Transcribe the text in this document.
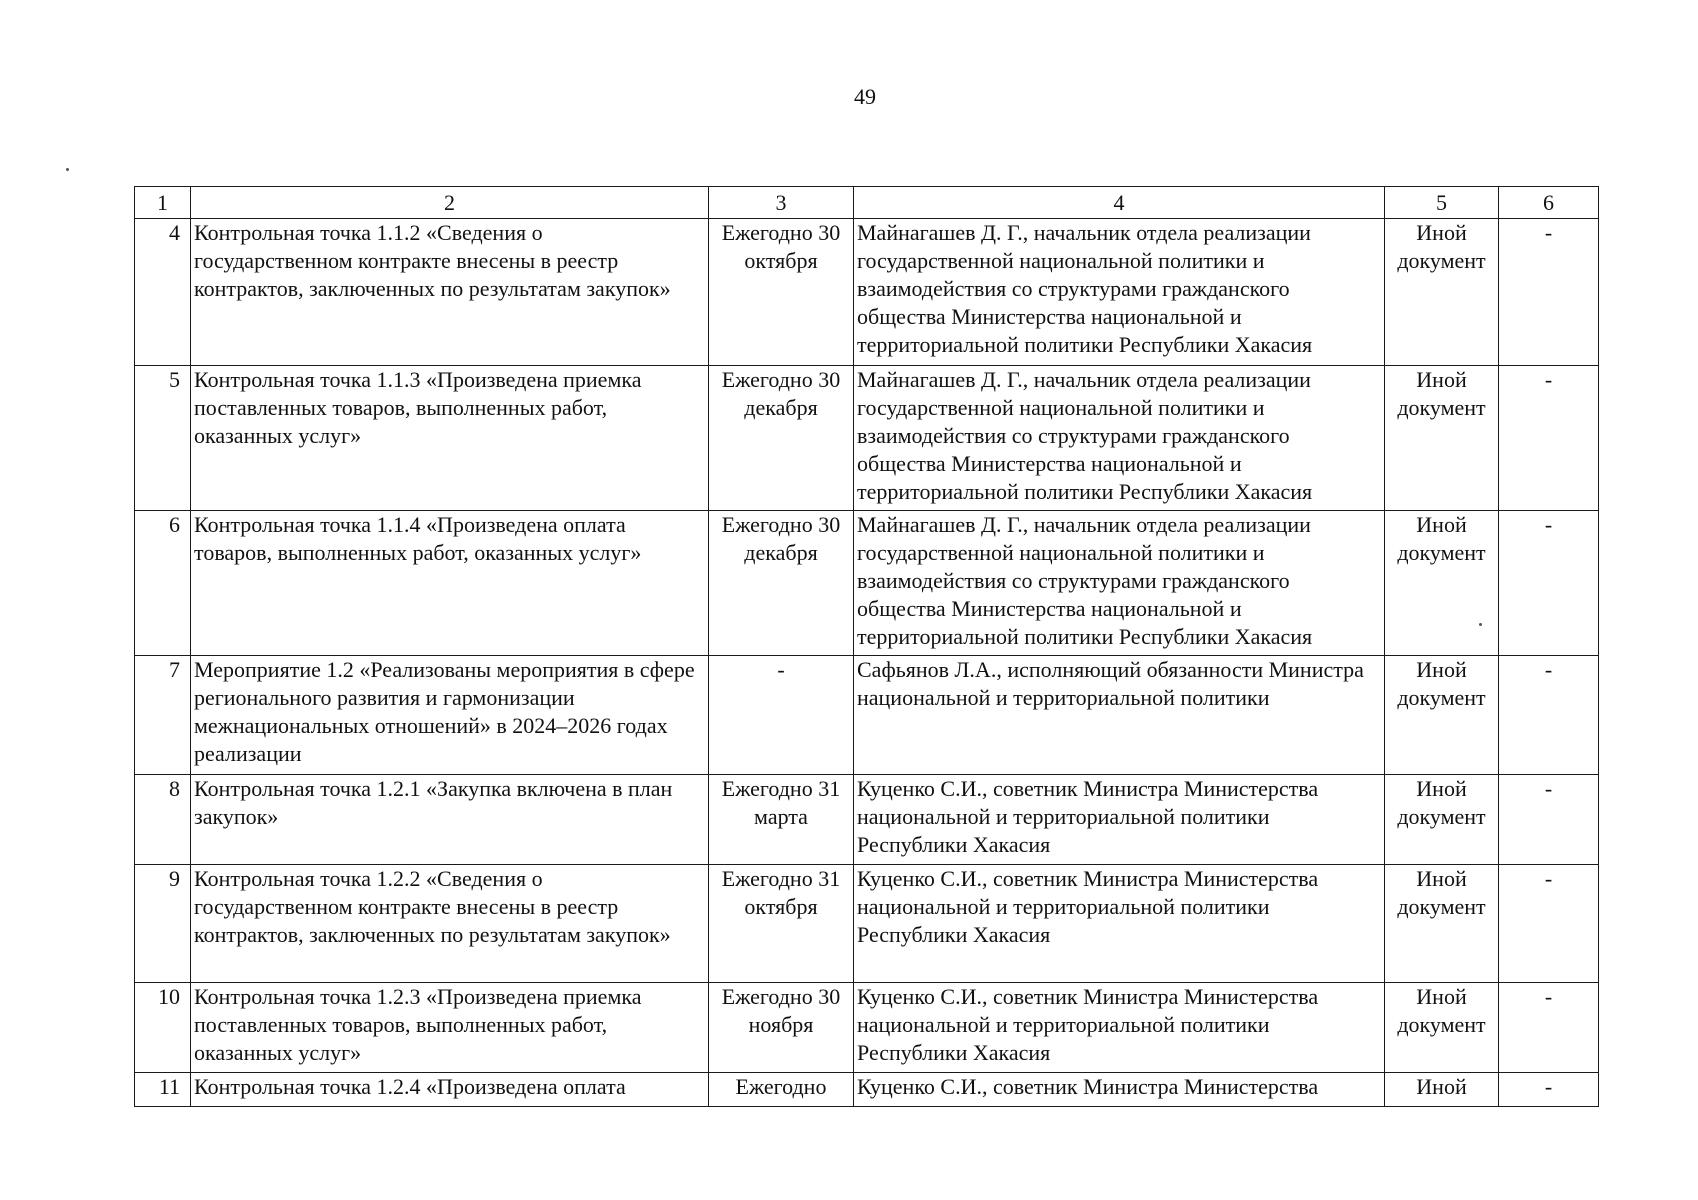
49
1	2	3	4	5	6
4	Контрольная точка 1.1.2 «Сведения о государственном контракте внесены в реестр контрактов, заключенных по результатам закупок»	Ежегодно 30 октября	Майнагашев Д. Г., начальник отдела реализации государственной национальной политики и взаимодействия со структурами гражданского общества Министерства национальной и территориальной политики Республики Хакасия	Иной документ	-
5	Контрольная точка 1.1.3 «Произведена приемка поставленных товаров, выполненных работ, оказанных услуг»	Ежегодно 30 декабря	Майнагашев Д. Г., начальник отдела реализации государственной национальной политики и взаимодействия со структурами гражданского общества Министерства национальной и территориальной политики Республики Хакасия	Иной документ	-
6	Контрольная точка 1.1.4 «Произведена оплата товаров, выполненных работ, оказанных услуг»	Ежегодно 30 декабря	Майнагашев Д. Г., начальник отдела реализации государственной национальной политики и взаимодействия со структурами гражданского общества Министерства национальной и территориальной политики Республики Хакасия	Иной документ	-
7	Мероприятие 1.2 «Реализованы мероприятия в сфере регионального развития и гармонизации межнациональных отношений» в 2024–2026 годах реализации	-	Сафьянов Л.А., исполняющий обязанности Министра национальной и территориальной политики	Иной документ	-
8	Контрольная точка 1.2.1 «Закупка включена в план закупок»	Ежегодно 31 марта	Куценко С.И., советник Министра Министерства национальной и территориальной политики Республики Хакасия	Иной документ	-
9	Контрольная точка 1.2.2 «Сведения о государственном контракте внесены в реестр контрактов, заключенных по результатам закупок»	Ежегодно 31 октября	Куценко С.И., советник Министра Министерства национальной и территориальной политики Республики Хакасия	Иной документ	-
10	Контрольная точка 1.2.3 «Произведена приемка поставленных товаров, выполненных работ, оказанных услуг»	Ежегодно 30 ноября	Куценко С.И., советник Министра Министерства национальной и территориальной политики Республики Хакасия	Иной документ	-
11	Контрольная точка 1.2.4 «Произведена оплата	Ежегодно	Куценко С.И., советник Министра Министерства	Иной	-
